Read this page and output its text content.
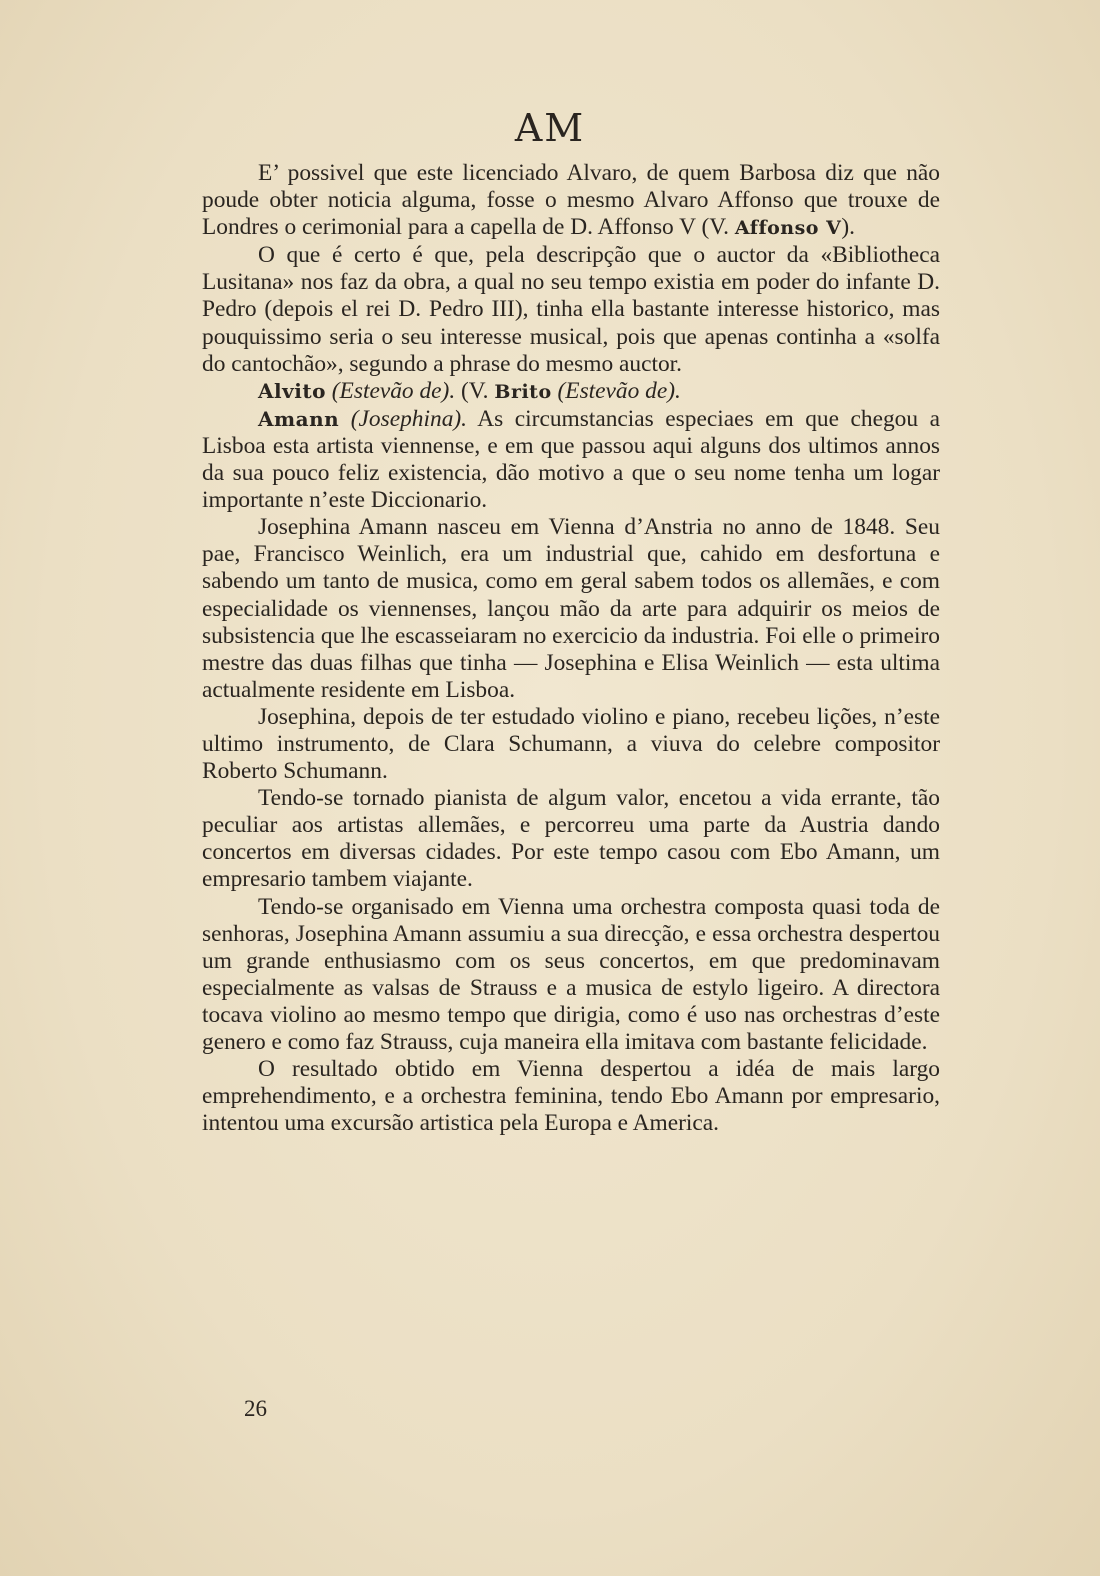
AM

E’ possivel que este licenciado Alvaro, de quem Barbosa diz que não poude obter noticia alguma, fosse o mesmo Alvaro Affonso que trouxe de Londres o cerimonial para a capella de D. Affonso V (V. Affonso V).

O que é certo é que, pela descripção que o auctor da «Bibliotheca Lusitana» nos faz da obra, a qual no seu tempo existia em poder do infante D. Pedro (depois el rei D. Pedro III), tinha ella bastante interesse historico, mas pouquissimo seria o seu interesse musical, pois que apenas continha a «solfa do cantochão», segundo a phrase do mesmo auctor.

Alvito (Estevão de). (V. Brito (Estevão de).

Amann (Josephina). As circumstancias especiaes em que chegou a Lisboa esta artista viennense, e em que passou aqui alguns dos ultimos annos da sua pouco feliz existencia, dão motivo a que o seu nome tenha um logar importante n’este Diccionario.

Josephina Amann nasceu em Vienna d’Anstria no anno de 1848. Seu pae, Francisco Weinlich, era um industrial que, cahido em desfortuna e sabendo um tanto de musica, como em geral sabem todos os allemães, e com especialidade os viennenses, lançou mão da arte para adquirir os meios de subsistencia que lhe escasseiaram no exercicio da industria. Foi elle o primeiro mestre das duas filhas que tinha — Josephina e Elisa Weinlich — esta ultima actualmente residente em Lisboa.

Josephina, depois de ter estudado violino e piano, recebeu lições, n’este ultimo instrumento, de Clara Schumann, a viuva do celebre compositor Roberto Schumann.

Tendo-se tornado pianista de algum valor, encetou a vida errante, tão peculiar aos artistas allemães, e percorreu uma parte da Austria dando concertos em diversas cidades. Por este tempo casou com Ebo Amann, um empresario tambem viajante.

Tendo-se organisado em Vienna uma orchestra composta quasi toda de senhoras, Josephina Amann assumiu a sua direcção, e essa orchestra despertou um grande enthusiasmo com os seus concertos, em que predominavam especialmente as valsas de Strauss e a musica de estylo ligeiro. A directora tocava violino ao mesmo tempo que dirigia, como é uso nas orchestras d’este genero e como faz Strauss, cuja maneira ella imitava com bastante felicidade.

O resultado obtido em Vienna despertou a idéa de mais largo emprehendimento, e a orchestra feminina, tendo Ebo Amann por empresario, intentou uma excursão artistica pela Europa e America.

26
